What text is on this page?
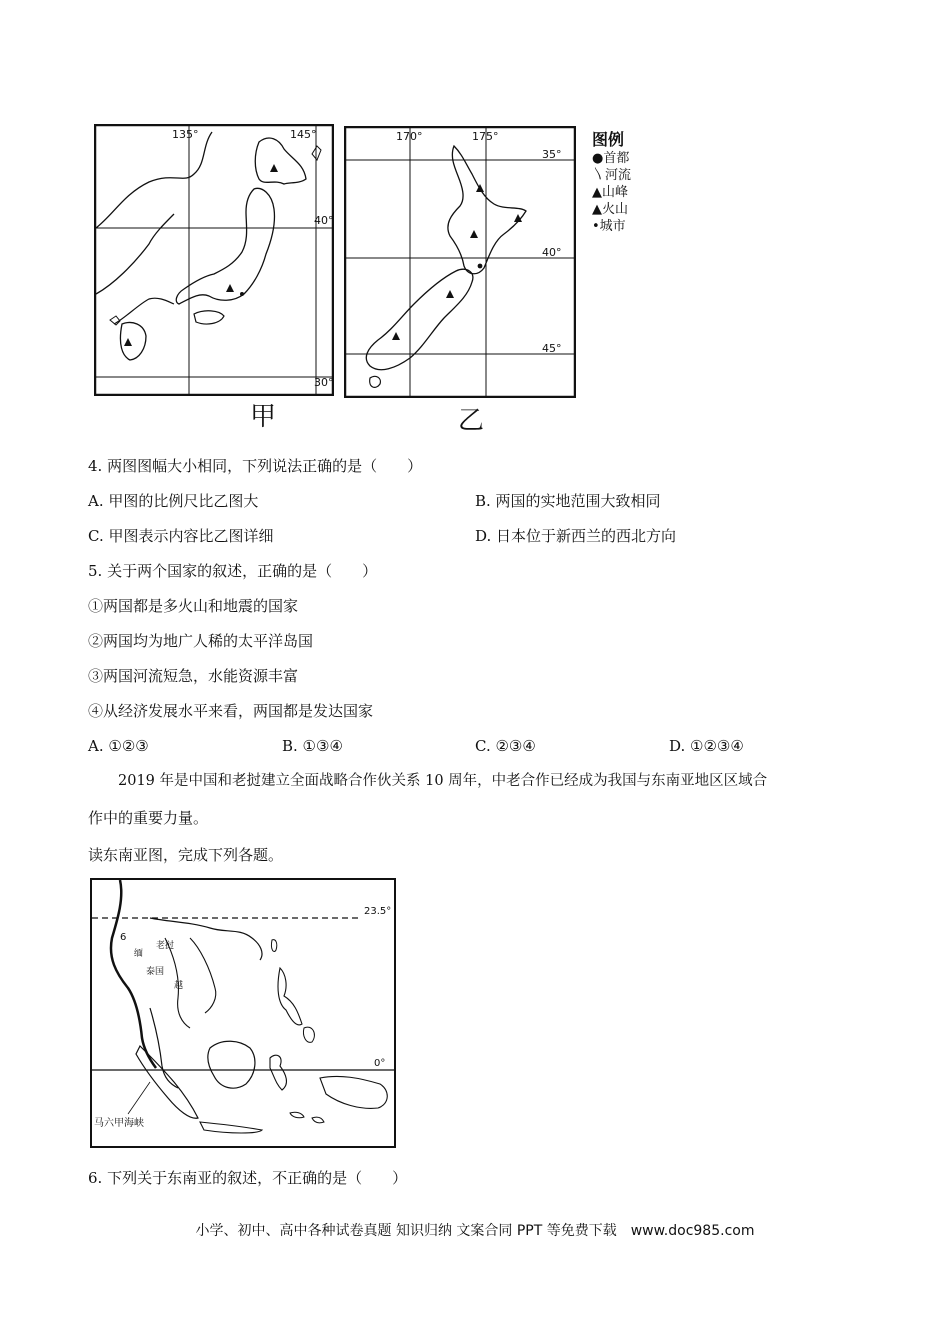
135°	145°
40°
30°
甲
170°	175°
35°
40°
45°
乙
图例
●首都
〵河流
▲山峰
▲火山
•城市
4. 两图图幅大小相同，下列说法正确的是（　　）
A. 甲图的比例尺比乙图大	B. 两国的实地范围大致相同
C. 甲图表示内容比乙图详细	D. 日本位于新西兰的西北方向
5. 关于两个国家的叙述，正确的是（　　）
①两国都是多火山和地震的国家
②两国均为地广人稀的太平洋岛国
③两国河流短急，水能资源丰富
④从经济发展水平来看，两国都是发达国家
A. ①②③	B. ①③④	C. ②③④	D. ①②③④
2019 年是中国和老挝建立全面战略合作伙关系 10 周年，中老合作已经成为我国与东南亚地区区域合
作中的重要力量。
读东南亚图，完成下列各题。
23.5°
0°
6
缅
老挝
泰国
越
马六甲海峡
6. 下列关于东南亚的叙述，不正确的是（　　）
小学、初中、高中各种试卷真题 知识归纳 文案合同 PPT 等免费下载　www.doc985.com
